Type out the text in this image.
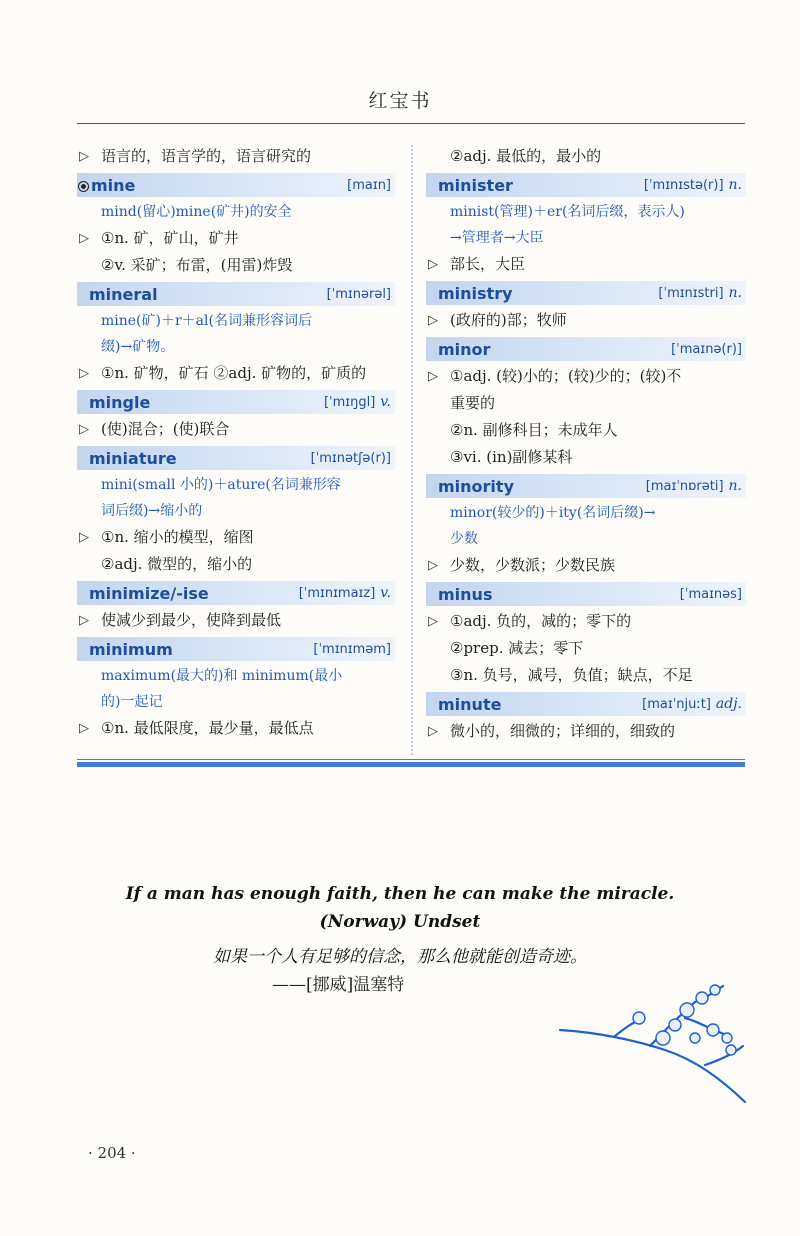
红宝书

▷ 语言的，语言学的，语言研究的

mine	[maɪn]

mind(留心)mine(矿井)的安全

▷ ①n. 矿，矿山，矿井

②v. 采矿；布雷，(用雷)炸毁

mineral	[ˈmɪnərəl]

mine(矿)＋r＋al(名词兼形容词后

缀)→矿物。

▷ ①n. 矿物，矿石 ②adj. 矿物的，矿质的

mingle	[ˈmɪŋgl] v.

▷ (使)混合；(使)联合

miniature	[ˈmɪnətʃə(r)]

mini(small 小的)＋ature(名词兼形容

词后缀)→缩小的

▷ ①n. 缩小的模型，缩图

②adj. 微型的，缩小的

minimize/-ise	[ˈmɪnɪmaɪz] v.

▷ 使减少到最少，使降到最低

minimum	[ˈmɪnɪməm]

maximum(最大的)和 minimum(最小

的)一起记

▷ ①n. 最低限度，最少量，最低点

②adj. 最低的，最小的

minister	[ˈmɪnɪstə(r)] n.

minist(管理)＋er(名词后缀，表示人)

→管理者→大臣

▷ 部长，大臣

ministry	[ˈmɪnɪstri] n.

▷ (政府的)部；牧师

minor	[ˈmaɪnə(r)]

▷ ①adj. (较)小的；(较)少的；(较)不

重要的

②n. 副修科目；未成年人

③vi. (in)副修某科

minority	[maɪˈnɒrəti] n.

minor(较少的)＋ity(名词后缀)→

少数

▷ 少数，少数派；少数民族

minus	[ˈmaɪnəs]

▷ ①adj. 负的，减的；零下的

②prep. 减去；零下

③n. 负号，减号，负值；缺点，不足

minute	[maɪˈnjuːt] adj.

▷ 微小的，细微的；详细的，细致的

If a man has enough faith, then he can make the miracle.
(Norway) Undset
如果一个人有足够的信念，那么他就能创造奇迹。
——[挪威]温塞特
· 204 ·
